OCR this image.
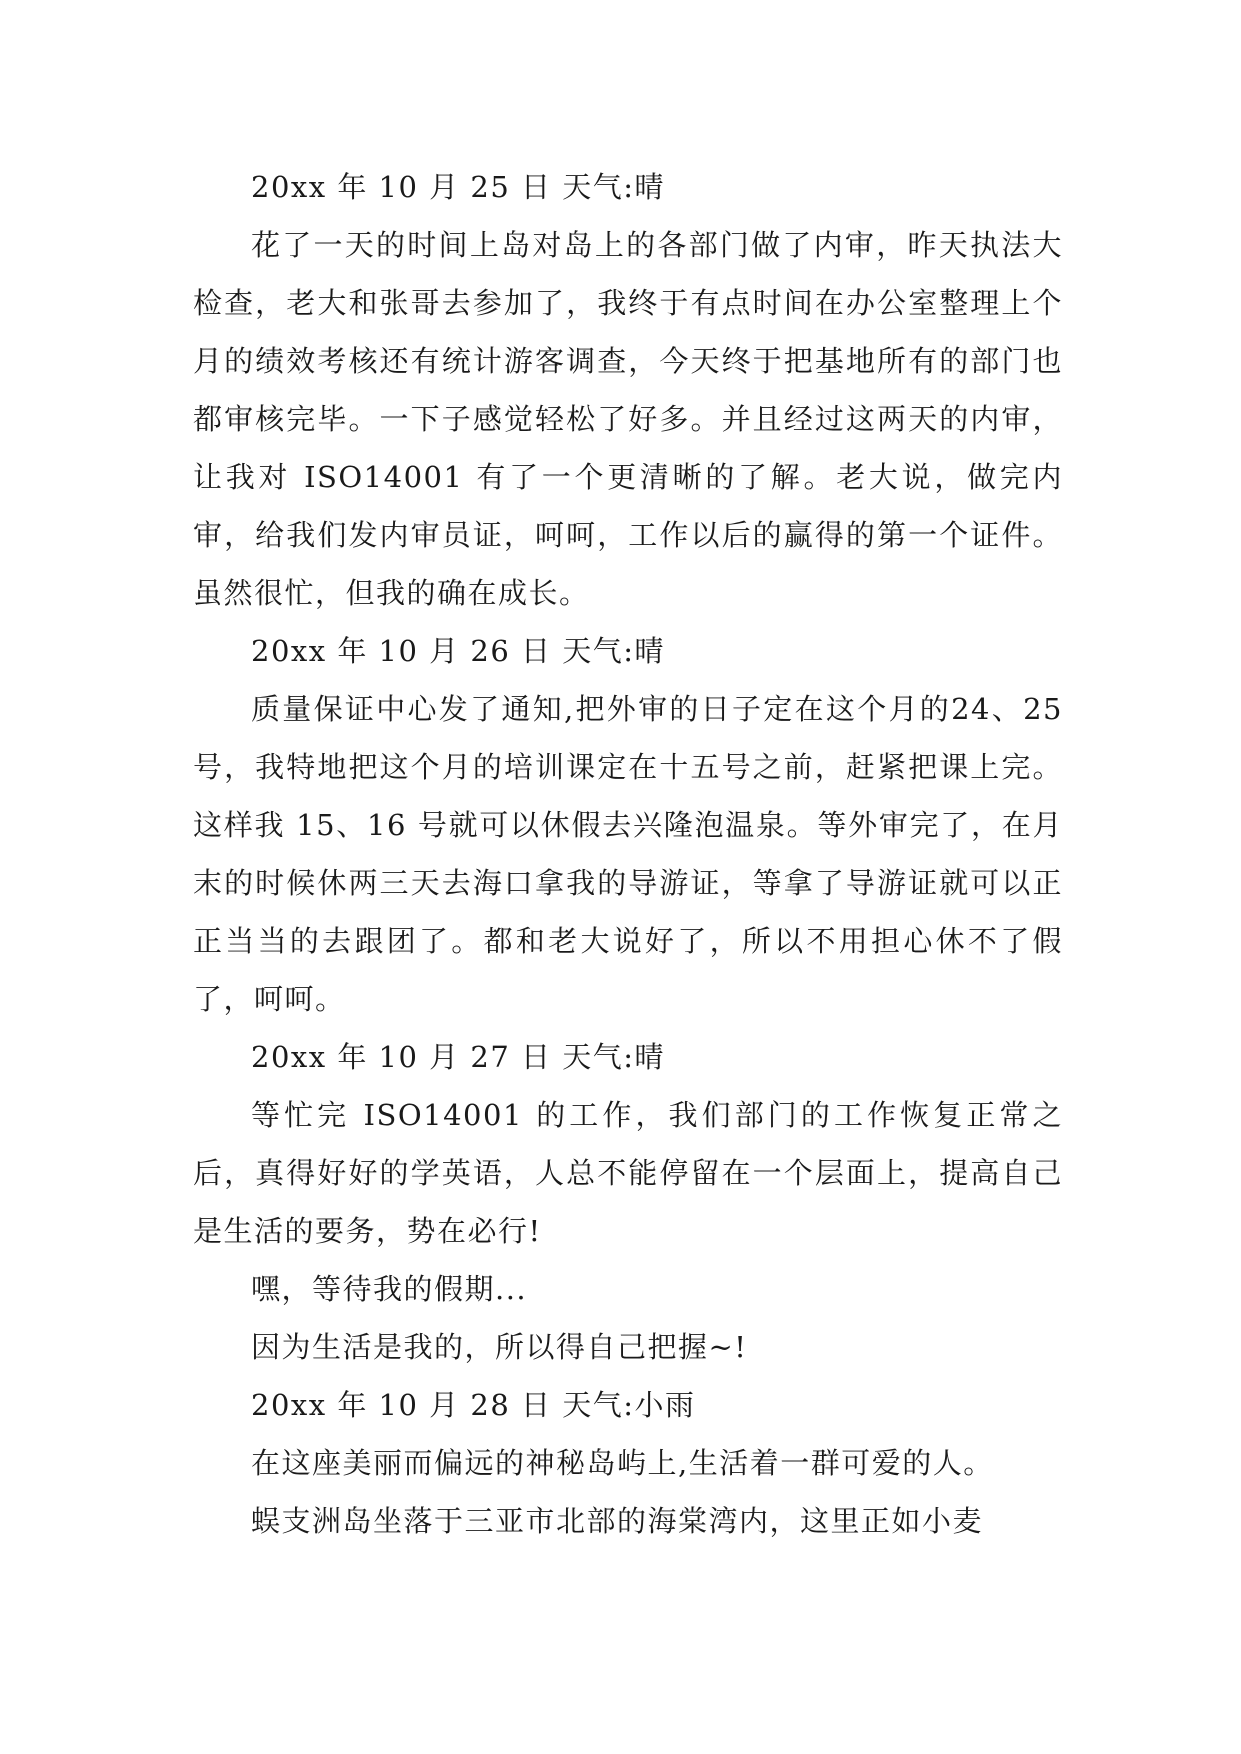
20xx 年 10 月 25 日 天气:晴

花了一天的时间上岛对岛上的各部门做了内审，昨天执法大检查，老大和张哥去参加了，我终于有点时间在办公室整理上个月的绩效考核还有统计游客调查，今天终于把基地所有的部门也都审核完毕。一下子感觉轻松了好多。并且经过这两天的内审，让我对 ISO14001 有了一个更清晰的了解。老大说，做完内审，给我们发内审员证，呵呵，工作以后的赢得的第一个证件。虽然很忙，但我的确在成长。

20xx 年 10 月 26 日 天气:晴

质量保证中心发了通知,把外审的日子定在这个月的24、25 号，我特地把这个月的培训课定在十五号之前，赶紧把课上完。这样我 15、16 号就可以休假去兴隆泡温泉。等外审完了，在月末的时候休两三天去海口拿我的导游证，等拿了导游证就可以正正当当的去跟团了。都和老大说好了，所以不用担心休不了假了，呵呵。

20xx 年 10 月 27 日 天气:晴

等忙完 ISO14001 的工作，我们部门的工作恢复正常之后，真得好好的学英语，人总不能停留在一个层面上，提高自己是生活的要务，势在必行!

嘿，等待我的假期...

因为生活是我的，所以得自己把握~!

20xx 年 10 月 28 日 天气:小雨

在这座美丽而偏远的神秘岛屿上,生活着一群可爱的人。

蜈支洲岛坐落于三亚市北部的海棠湾内，这里正如小麦
